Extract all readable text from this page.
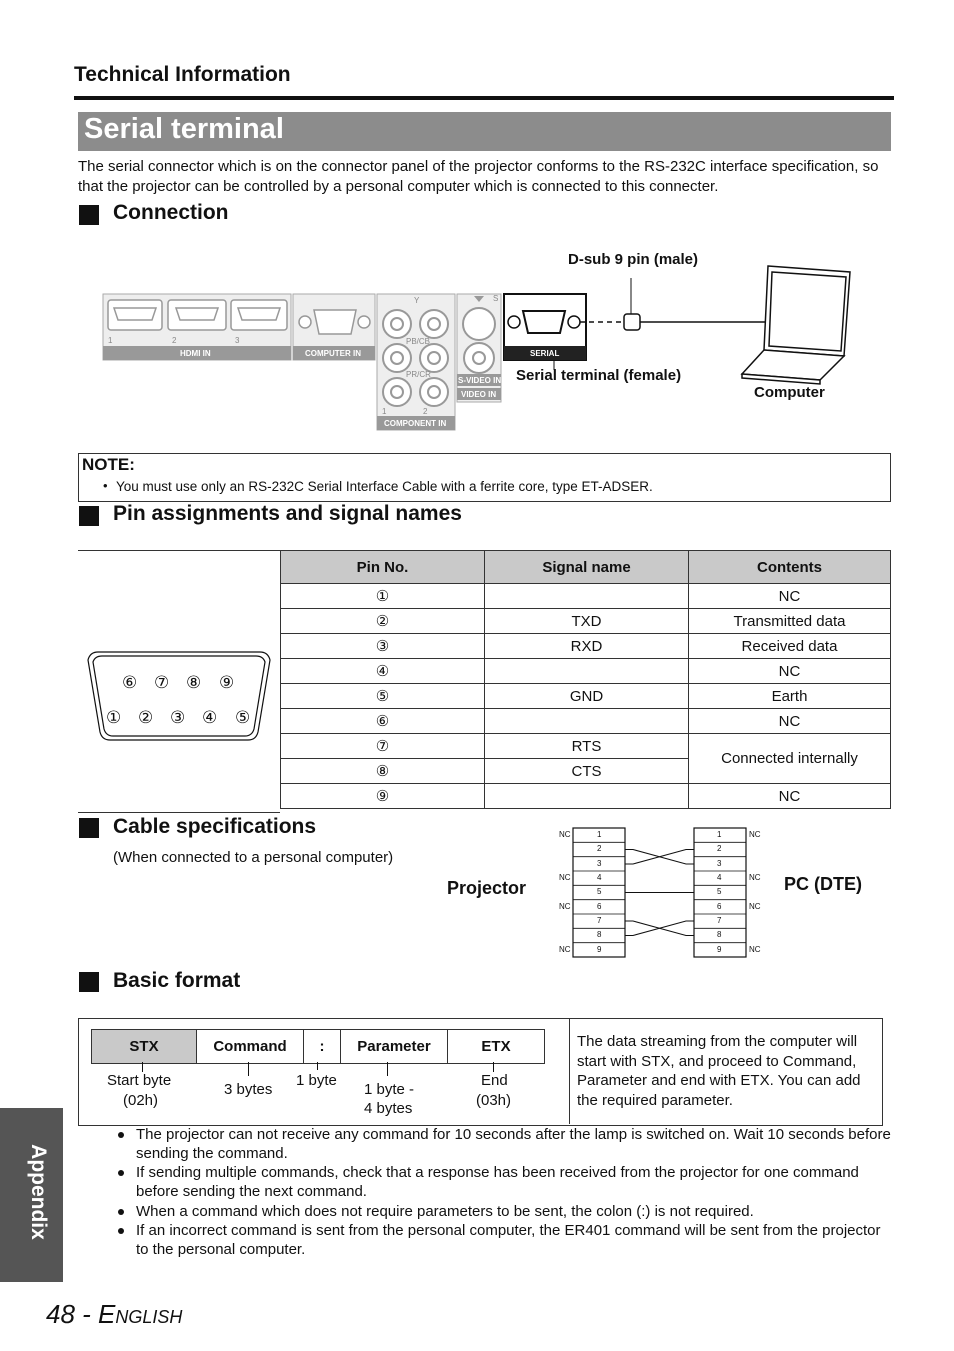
Technical Information
Serial terminal
The serial connector which is on the connector panel of the projector conforms to the RS-232C interface specification, so that the projector can be controlled by a personal computer which is connected to this connecter.
Connection
D-sub 9 pin (male)
Serial terminal (female)
Computer
HDMI IN
1	2	3
COMPUTER IN
COMPONENT IN
1	2
Y
PB/CB
PR/CR
S-VIDEO IN
VIDEO IN
SERIAL
S
NOTE:
• You must use only an RS-232C Serial Interface Cable with a ferrite core, type ET-ADSER.
Pin assignments and signal names
⑥ ⑦ ⑧ ⑨
① ② ③ ④ ⑤
Pin No.	Signal name	Contents
①		NC
②	TXD	Transmitted data
③	RXD	Received data
④		NC
⑤	GND	Earth
⑥		NC
⑦	RTS	Connected internally
⑧	CTS	
⑨		NC
Cable specifications
(When connected to a personal computer)
Projector	PC (DTE)
1
2
3
4
5
6
7
8
9
1
2
3
4
5
6
7
8
9
NC
NC
NC
NC
NC
NC
NC
NC
Basic format
STX	Command	:	Parameter	ETX
Start byte
(02h)
3 bytes
1 byte
1 byte -
4 bytes
End
(03h)
The data streaming from the computer will start with STX, and proceed to Command, Parameter and end with ETX. You can add the required parameter.
The projector can not receive any command for 10 seconds after the lamp is switched on. Wait 10 seconds before sending the command.
If sending multiple commands, check that a response has been received from the projector for one command before sending the next command.
When a command which does not require parameters to be sent, the colon (:) is not required.
If an incorrect command is sent from the personal computer, the ER401 command will be sent from the projector to the personal computer.
Appendix
48 - English
